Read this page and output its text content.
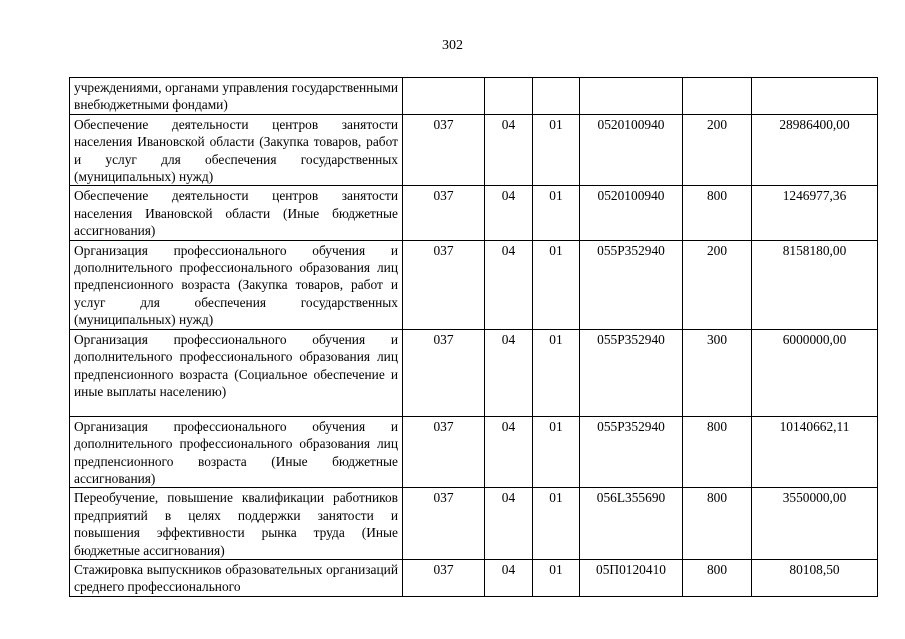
302
учреждениями, органами управления государственными внебюджетными фондами)						
Обеспечение деятельности центров занятости населения Ивановской области (Закупка товаров, работ и услуг для обеспечения государственных (муниципальных) нужд)	037	04	01	0520100940	200	28986400,00
Обеспечение деятельности центров занятости населения Ивановской области (Иные бюджетные ассигнования)	037	04	01	0520100940	800	1246977,36
Организация профессионального обучения и дополнительного профессионального образования лиц предпенсионного возраста (Закупка товаров, работ и услуг для обеспечения государственных (муниципальных) нужд)	037	04	01	055P352940	200	8158180,00
Организация профессионального обучения и дополнительного профессионального образования лиц предпенсионного возраста (Социальное обеспечение и иные выплаты населению)	037	04	01	055P352940	300	6000000,00
Организация профессионального обучения и дополнительного профессионального образования лиц предпенсионного возраста (Иные бюджетные ассигнования)	037	04	01	055P352940	800	10140662,11
Переобучение, повышение квалификации работников предприятий в целях поддержки занятости и повышения эффективности рынка труда (Иные бюджетные ассигнования)	037	04	01	056L355690	800	3550000,00
Стажировка выпускников образовательных организаций среднего профессионального	037	04	01	05П0120410	800	80108,50
